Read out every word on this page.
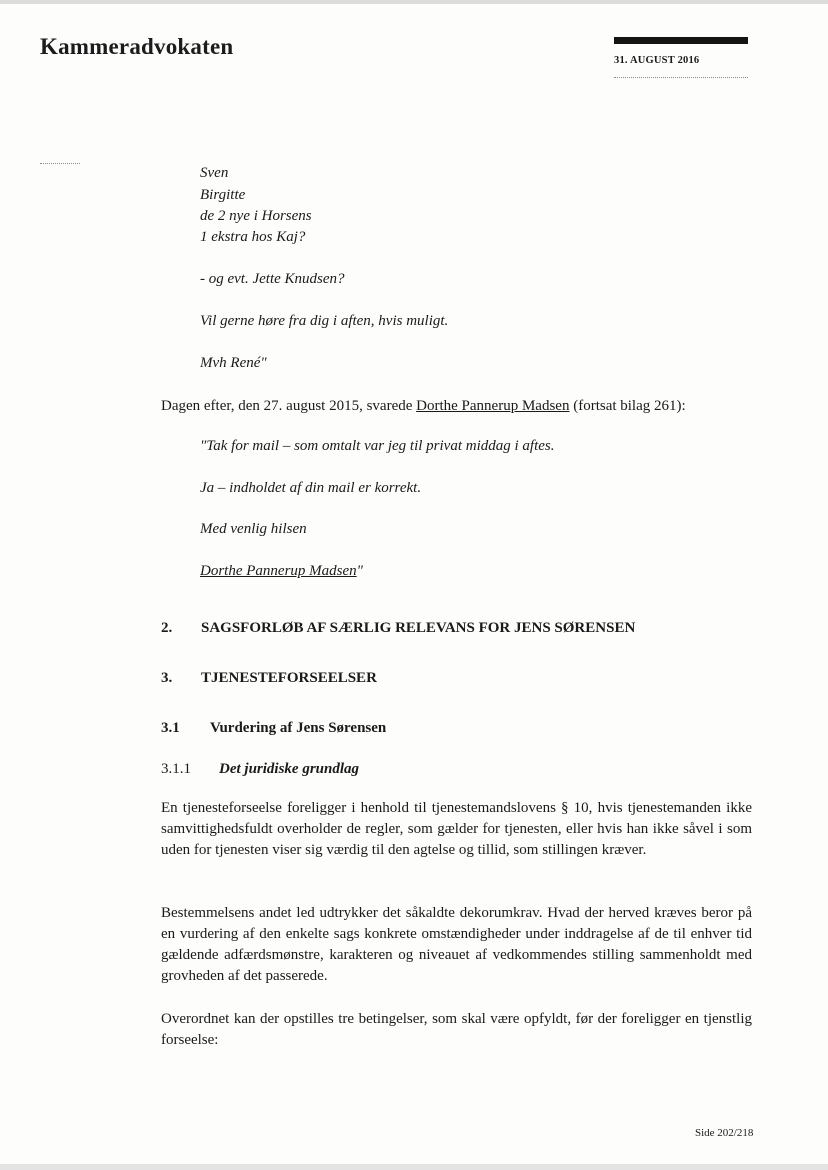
Kammeradvokaten
31. AUGUST 2016
Sven
Birgitte
de 2 nye i Horsens
1 ekstra hos Kaj?
- og evt. Jette Knudsen?
Vil gerne høre fra dig i aften, hvis muligt.
Mvh René"
Dagen efter, den 27. august 2015, svarede Dorthe Pannerup Madsen (fortsat bilag 261):
"Tak for mail – som omtalt var jeg til privat middag i aftes.
Ja – indholdet af din mail er korrekt.
Med venlig hilsen
Dorthe Pannerup Madsen"
2. SAGSFORLØB AF SÆRLIG RELEVANS FOR JENS SØRENSEN
3. TJENESTEFORSEELSER
3.1 Vurdering af Jens Sørensen
3.1.1 Det juridiske grundlag
En tjenesteforseelse foreligger i henhold til tjenestemandslovens § 10, hvis tjenestemanden ikke samvittighedsfuldt overholder de regler, som gælder for tjenesten, eller hvis han ikke såvel i som uden for tjenesten viser sig værdig til den agtelse og tillid, som stillingen kræver.
Bestemmelsens andet led udtrykker det såkaldte dekorumkrav. Hvad der herved kræves beror på en vurdering af den enkelte sags konkrete omstændigheder under inddragelse af de til enhver tid gældende adfærdsmønstre, karakteren og niveauet af vedkommendes stilling sammenholdt med grovheden af det passerede.
Overordnet kan der opstilles tre betingelser, som skal være opfyldt, før der foreligger en tjenstlig forseelse:
Side 202/218
